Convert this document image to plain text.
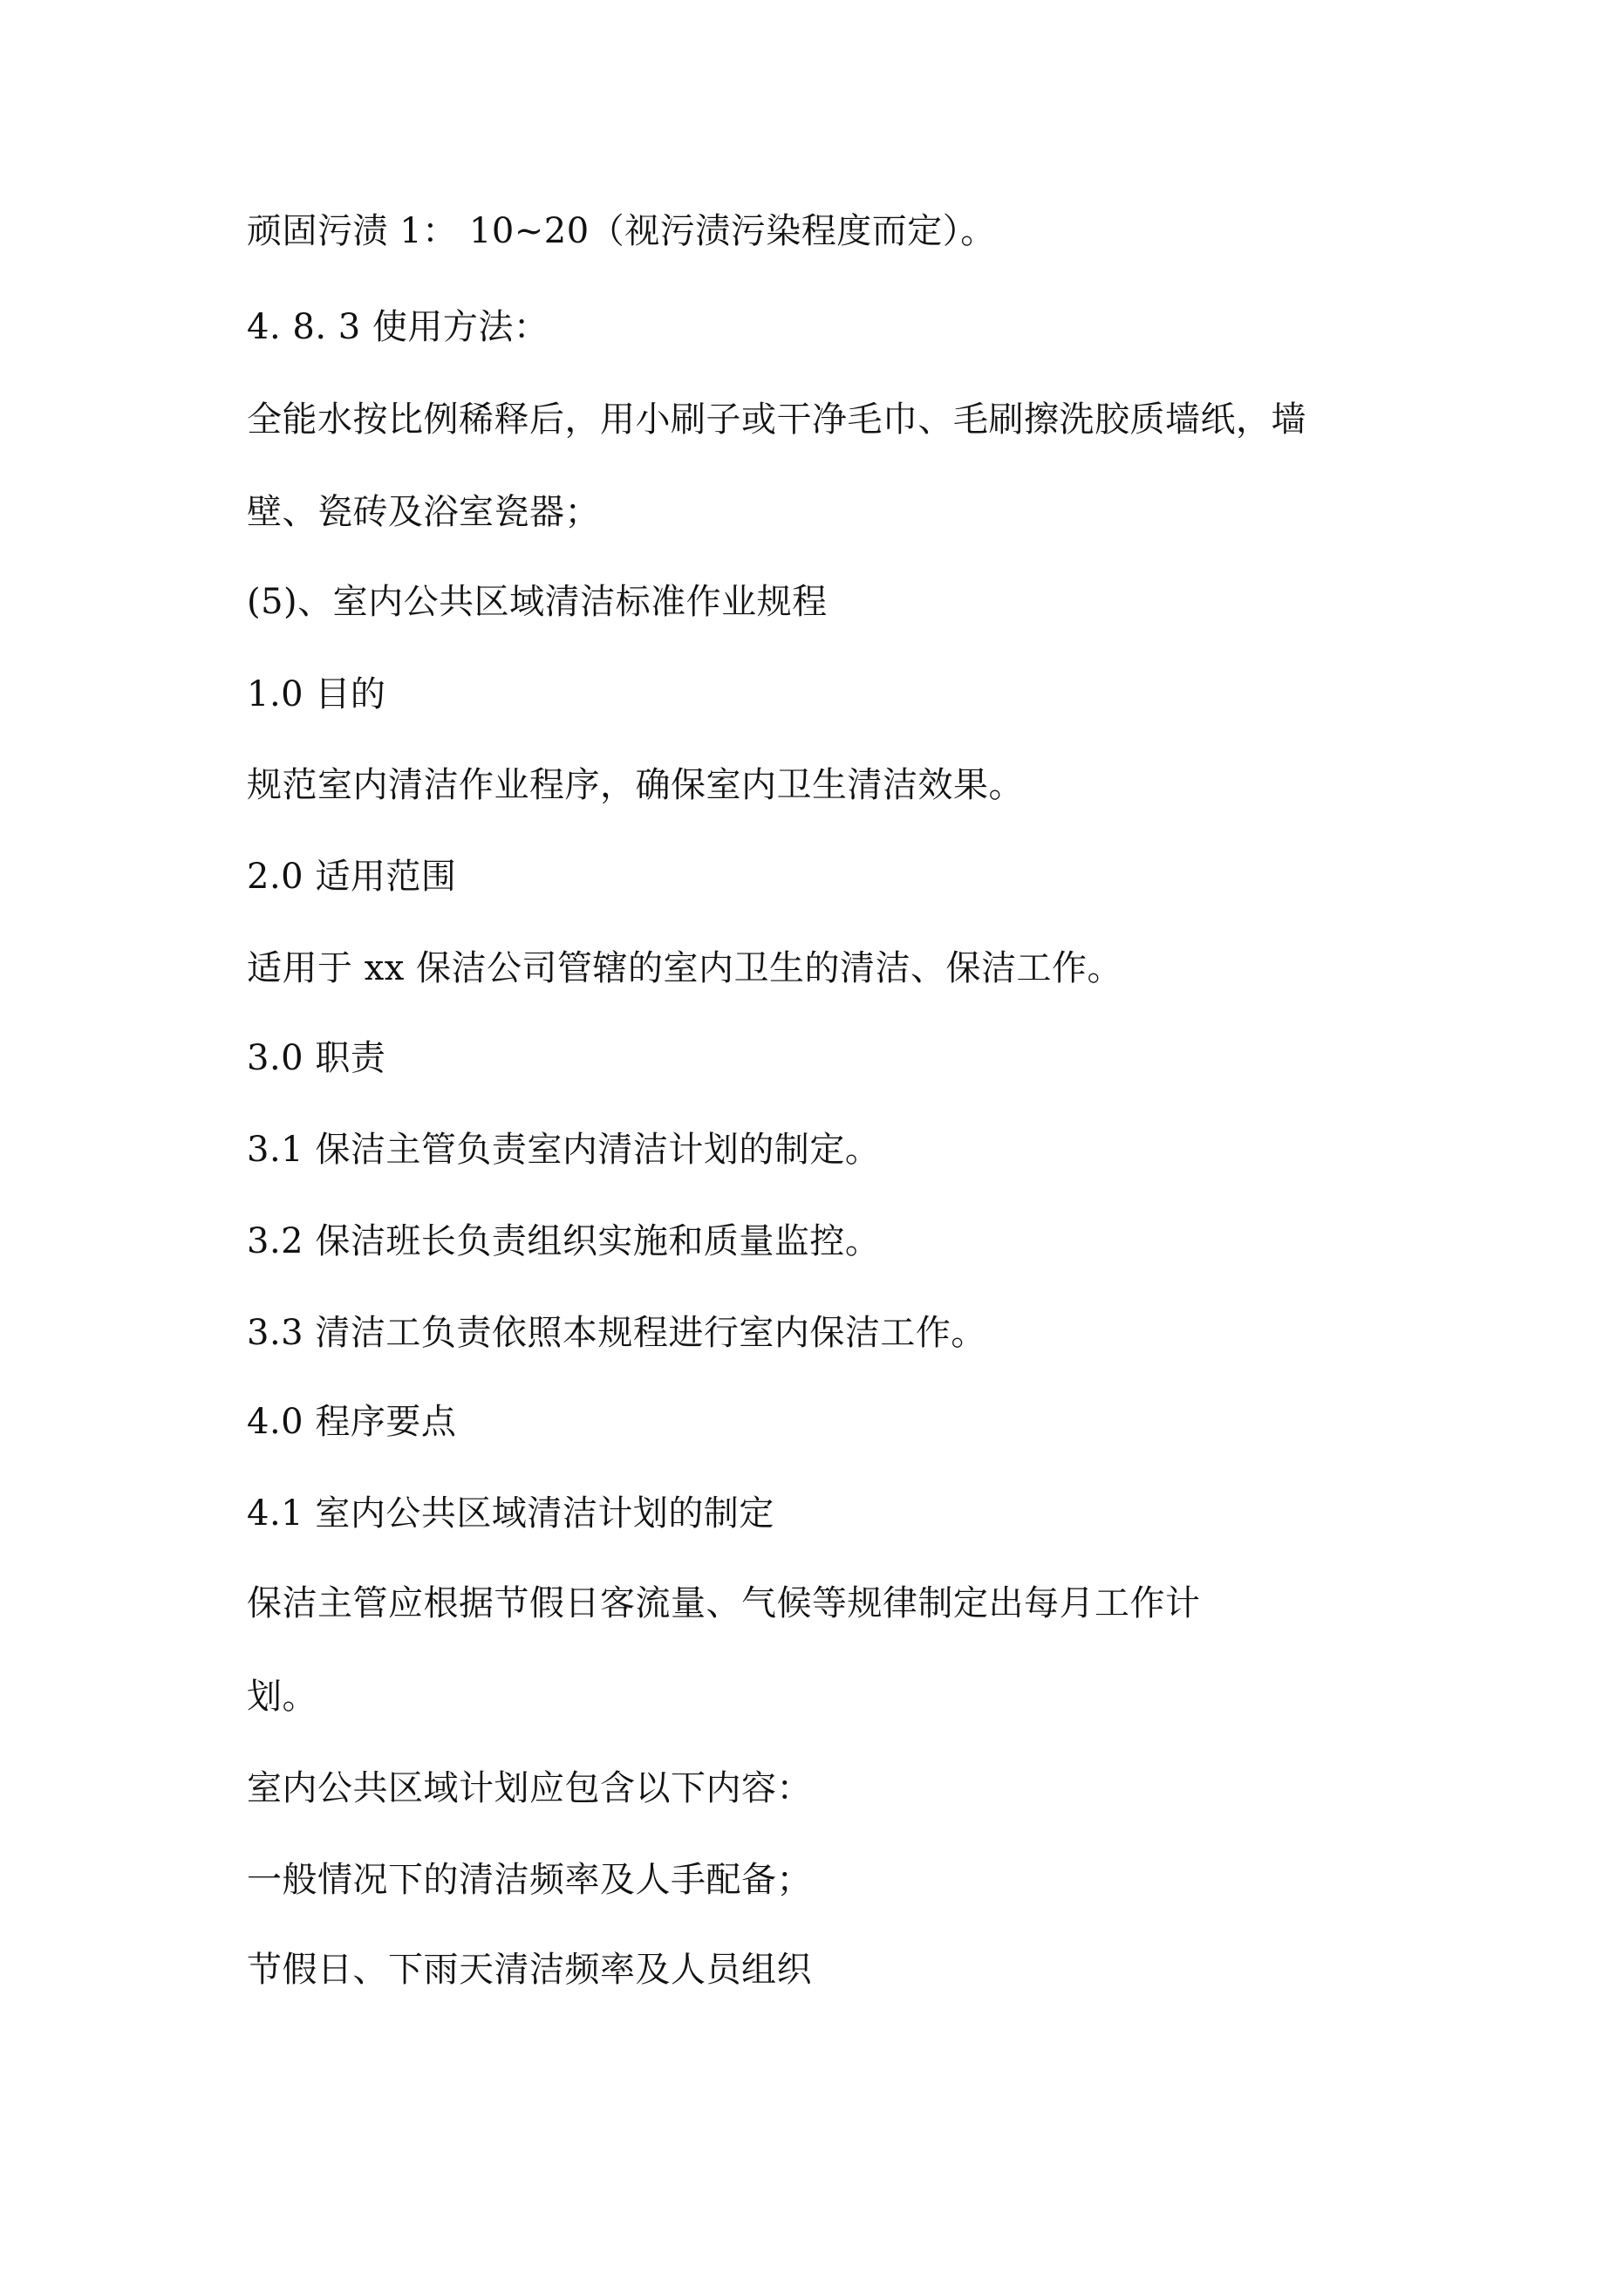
顽固污渍 1： 10~20（视污渍污染程度而定）。
4. 8. 3 使用方法：
全能水按比例稀释后，用小刷子或干净毛巾、毛刷擦洗胶质墙纸，墙
壁、瓷砖及浴室瓷器；
(5)、室内公共区域清洁标准作业规程
1.0 目的
规范室内清洁作业程序，确保室内卫生清洁效果。
2.0 适用范围
适用于 xx 保洁公司管辖的室内卫生的清洁、保洁工作。
3.0 职责
3.1 保洁主管负责室内清洁计划的制定。
3.2 保洁班长负责组织实施和质量监控。
3.3 清洁工负责依照本规程进行室内保洁工作。
4.0 程序要点
4.1 室内公共区域清洁计划的制定
保洁主管应根据节假日客流量、气候等规律制定出每月工作计
划。
室内公共区域计划应包含以下内容：
一般情况下的清洁频率及人手配备；
节假日、下雨天清洁频率及人员组织
